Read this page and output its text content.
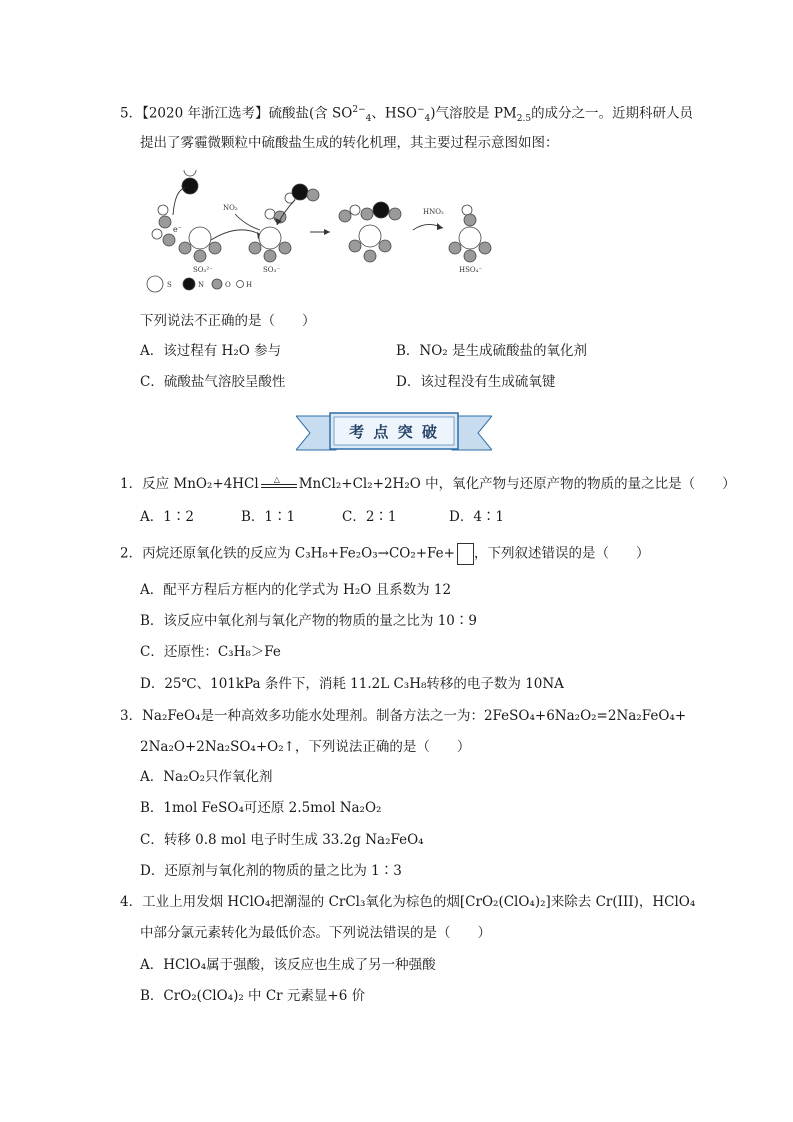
5．【2020 年浙江选考】硫酸盐(含 $SO^{2-}_4$、$HSO^-_4$)气溶胶是 $PM_{2.5}$的成分之一。近期科研人员
提出了雾霾微颗粒中硫酸盐生成的转化机理，其主要过程示意图如图：
e⁻
SO₃²⁻
NO₂
SO₃⁻
HNO₂
HSO₄⁻
S	N	O H
下列说法不正确的是（　　）
A．该过程有 H₂O 参与	B．NO₂ 是生成硫酸盐的氧化剂
C．硫酸盐气溶胶呈酸性	D．该过程没有生成硫氧键
考 点 突 破
1．反应 MnO₂+4HCl △ MnCl₂+Cl₂+2H₂O 中，氧化产物与还原产物的物质的量之比是（　　）
A．1∶2	B．1∶1	C．2∶1	D．4∶1
2．丙烷还原氧化铁的反应为 C₃H₈+Fe₂O₃→CO₂+Fe+ ，下列叙述错误的是（　　）
A．配平方程后方框内的化学式为 H₂O 且系数为 12
B．该反应中氧化剂与氧化产物的物质的量之比为 10∶9
C．还原性：C₃H₈＞Fe
D．25℃、101kPa 条件下，消耗 11.2L C₃H₈转移的电子数为 10NA
3．Na₂FeO₄是一种高效多功能水处理剂。制备方法之一为：2FeSO₄+6Na₂O₂=2Na₂FeO₄+
2Na₂O+2Na₂SO₄+O₂↑，下列说法正确的是（　　）
A．Na₂O₂只作氧化剂
B．1mol FeSO₄可还原 2.5mol Na₂O₂
C．转移 0.8 mol 电子时生成 33.2g Na₂FeO₄
D．还原剂与氧化剂的物质的量之比为 1∶3
4．工业上用发烟 HClO₄把潮湿的 CrCl₃氧化为棕色的烟[CrO₂(ClO₄)₂]来除去 Cr(III)，HClO₄
中部分氯元素转化为最低价态。下列说法错误的是（　　）
A．HClO₄属于强酸，该反应也生成了另一种强酸
B．CrO₂(ClO₄)₂ 中 Cr 元素显+6 价
